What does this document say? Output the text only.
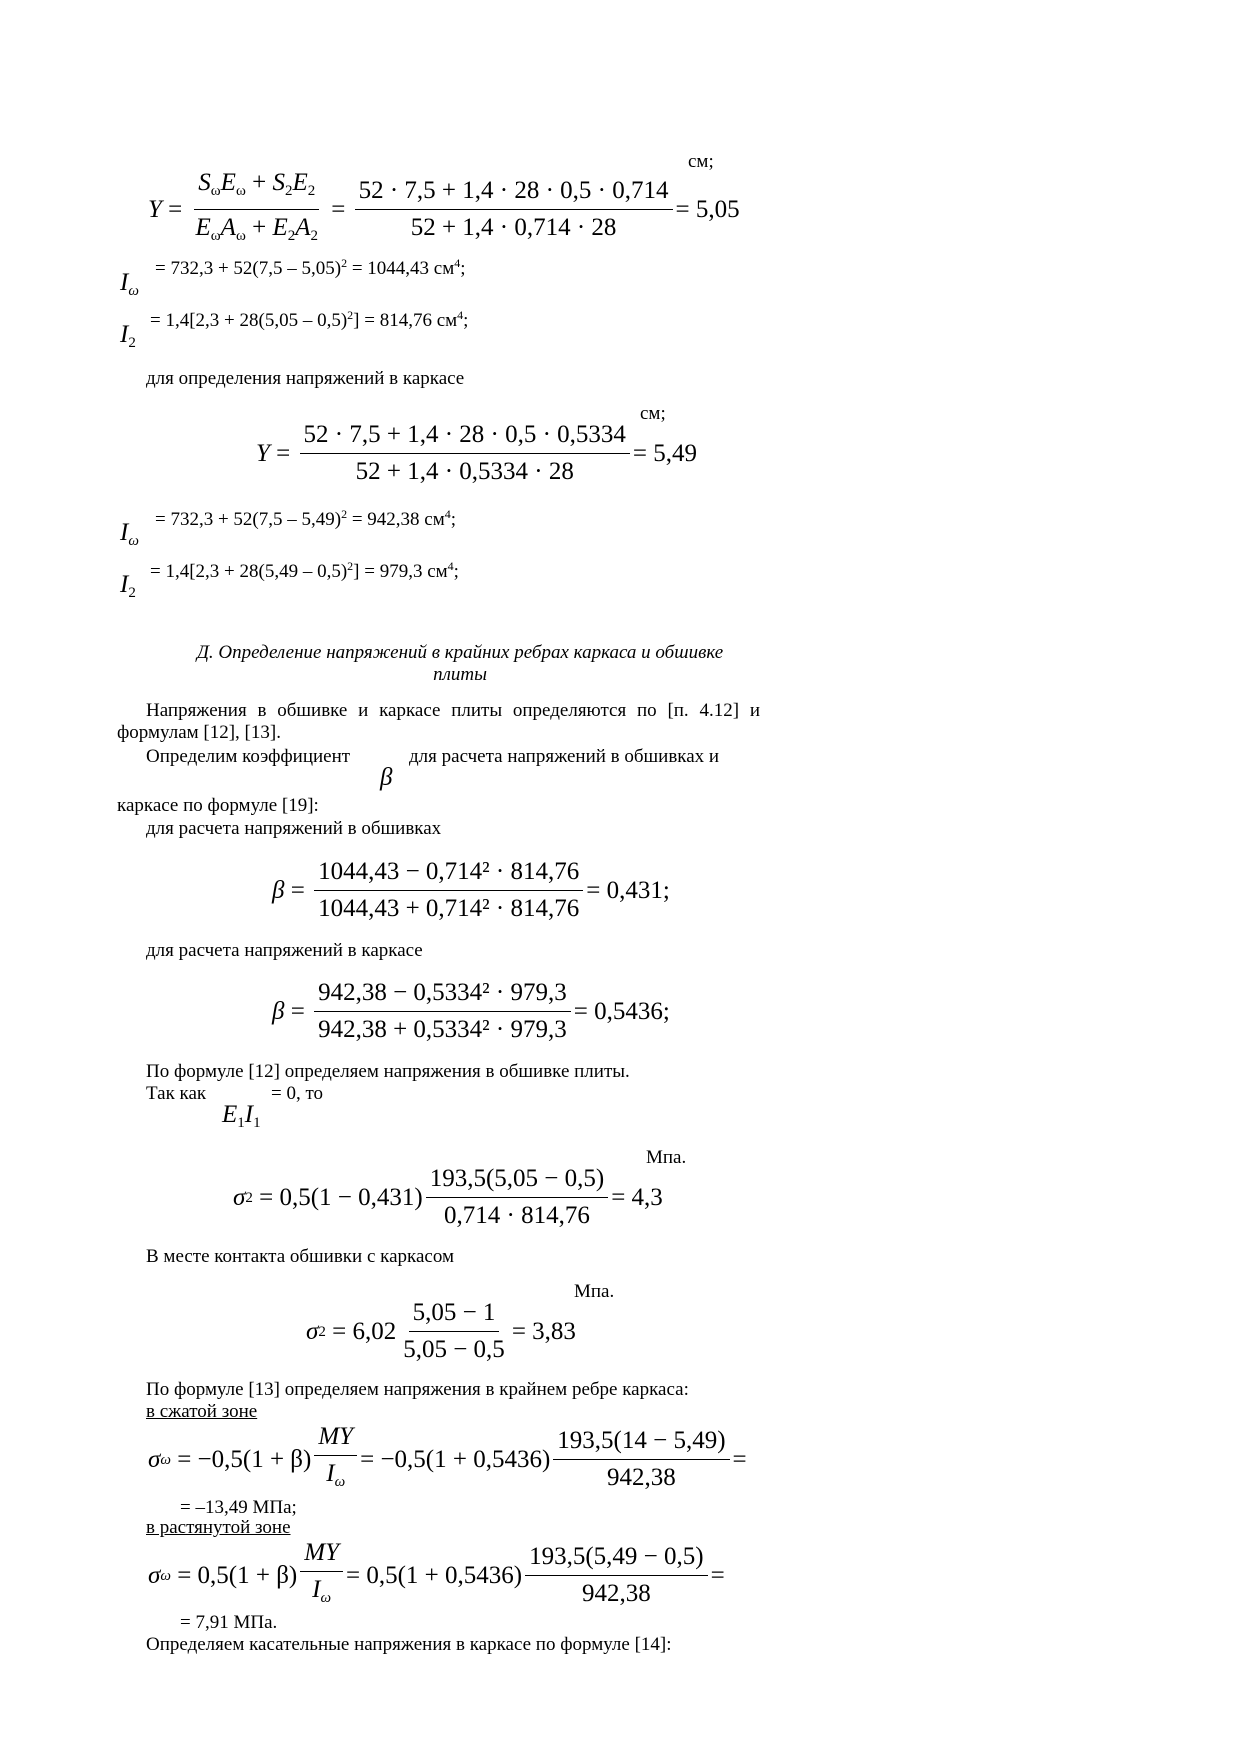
см;
$Y = \frac{S_\omega E_\omega + S_2E_2}{E_\omega A_\omega + E_2A_2} = \frac{52 \cdot 7,5 + 1,4 \cdot 28 \cdot 0,5 \cdot 0,714}{52 + 1,4 \cdot 0,714 \cdot 28} = 5,05$
= 732,3 + 52(7,5 – 5,05)$^2$ = 1044,43 $см^4$;
$I_\omega$
= 1,4[2,3 + 28(5,05 – 0,5)$^2$] = 814,76 $см^4$;
$I_2$
для определения напряжений в каркасе
см;
$Y = \frac{52 \cdot 7,5 + 1,4 \cdot 28 \cdot 0,5 \cdot 0,5334}{52 + 1,4 \cdot 0,5334 \cdot 28} = 5,49$
= 732,3 + 52(7,5 – 5,49)$^2$ = 942,38 $см^4$;
$I_\omega$
= 1,4[2,3 + 28(5,49 – 0,5)$^2$] = 979,3 $см^4$;
$I_2$
Д. Определение напряжений в крайних ребрах каркаса и обшивке
плиты
Напряжения в обшивке и каркасе плиты определяются по [п. 4.12] и
формулам [12], [13].
Определим коэффициент	для расчета напряжений в обшивках и
β
каркасе по формуле [19]:
для расчета напряжений в обшивках
$\beta = \frac{\text{1044,43 − 0,714² · 814,76}}{\text{1044,43 + 0,714² · 814,76}} = 0,431$;
для расчета напряжений в каркасе
$\beta = \frac{\text{942,38 − 0,5334² · 979,3}}{\text{942,38 + 0,5334² · 979,3}} = 0,5436$;
По формуле [12] определяем напряжения в обшивке плиты.
Так как	= 0, то
$E_1I_1$
Мпа.
σ 2
= $0,5(1 - 0,431) \frac{193,5(5,05 - 0,5)}{0,714 \cdot 814,76} = 4,3$
В месте контакта обшивки с каркасом
Мпа.
σ 2
= $6,02 \frac{5,05 - 1}{5,05 - 0,5} = 3,83$
По формуле [13] определяем напряжения в крайнем ребре каркаса:
в сжатой зоне
σ ω
= $-0,5(1 + \beta) \frac{MY}{I_\omega} = -0,5(1 + 0,5436) \frac{193,5(14 - 5,49)}{942,38}$ =
= –13,49 МПа;
в растянутой зоне
σ ω
= $0,5(1 + \beta) \frac{MY}{I_\omega} = 0,5(1 + 0,5436) \frac{193,5(5,49 - 0,5)}{942,38}$ =
= 7,91 МПа.
Определяем касательные напряжения в каркасе по формуле [14]:
